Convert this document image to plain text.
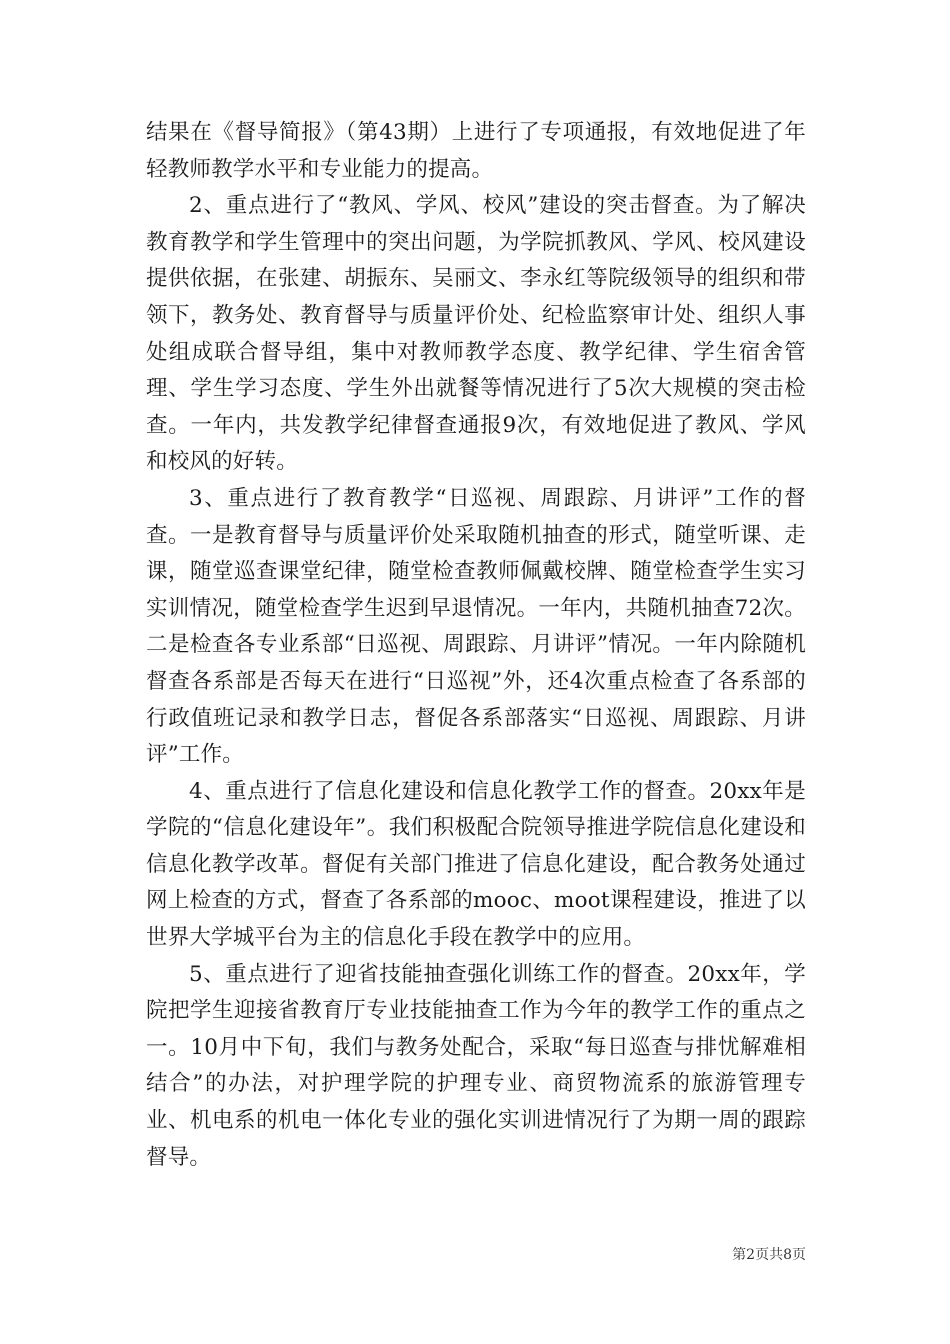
结果在《督导简报》（第43期）上进行了专项通报，有效地促进了年轻教师教学水平和专业能力的提高。

2、重点进行了“教风、学风、校风”建设的突击督查。为了解决教育教学和学生管理中的突出问题，为学院抓教风、学风、校风建设提供依据，在张建、胡振东、吴丽文、李永红等院级领导的组织和带领下，教务处、教育督导与质量评价处、纪检监察审计处、组织人事处组成联合督导组，集中对教师教学态度、教学纪律、学生宿舍管理、学生学习态度、学生外出就餐等情况进行了5次大规模的突击检查。一年内，共发教学纪律督查通报9次，有效地促进了教风、学风和校风的好转。

3、重点进行了教育教学“日巡视、周跟踪、月讲评”工作的督查。一是教育督导与质量评价处采取随机抽查的形式，随堂听课、走课，随堂巡查课堂纪律，随堂检查教师佩戴校牌、随堂检查学生实习实训情况，随堂检查学生迟到早退情况。一年内，共随机抽查72次。二是检查各专业系部“日巡视、周跟踪、月讲评”情况。一年内除随机督查各系部是否每天在进行“日巡视”外，还4次重点检查了各系部的行政值班记录和教学日志，督促各系部落实“日巡视、周跟踪、月讲评”工作。

4、重点进行了信息化建设和信息化教学工作的督查。20xx年是学院的“信息化建设年”。我们积极配合院领导推进学院信息化建设和信息化教学改革。督促有关部门推进了信息化建设，配合教务处通过网上检查的方式，督查了各系部的mooc、moot课程建设，推进了以世界大学城平台为主的信息化手段在教学中的应用。

5、重点进行了迎省技能抽查强化训练工作的督查。20xx年，学院把学生迎接省教育厅专业技能抽查工作为今年的教学工作的重点之一。10月中下旬，我们与教务处配合，采取“每日巡查与排忧解难相结合”的办法，对护理学院的护理专业、商贸物流系的旅游管理专业、机电系的机电一体化专业的强化实训进情况行了为期一周的跟踪督导。

第2页共8页
